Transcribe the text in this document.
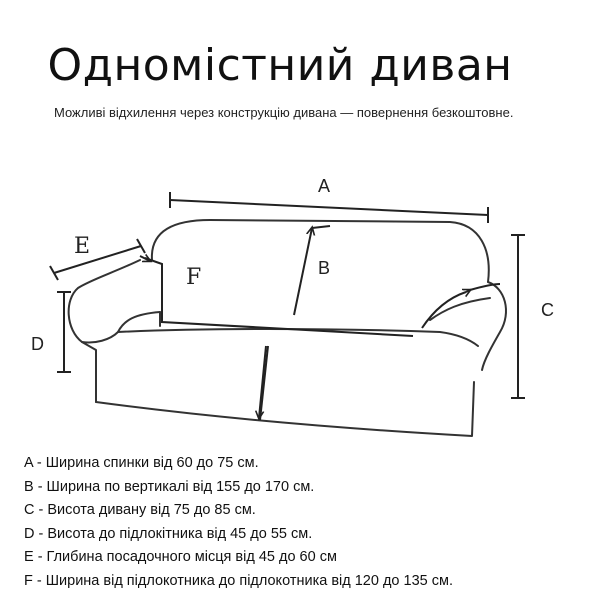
Одномістний диван
Можливі відхилення через конструкцію дивана — повернення безкоштовне.
A
B
C
D
E
F
A - Ширина спинки від 60 до 75 см.
B - Ширина по вертикалі від 155 до 170 см.
C - Висота дивану від 75 до 85 см.
D - Висота до підлокітника від 45 до 55 см.
E - Глибина посадочного місця від 45 до 60 см
F - Ширина від підлокотника до підлокотника від 120 до 135 см.
